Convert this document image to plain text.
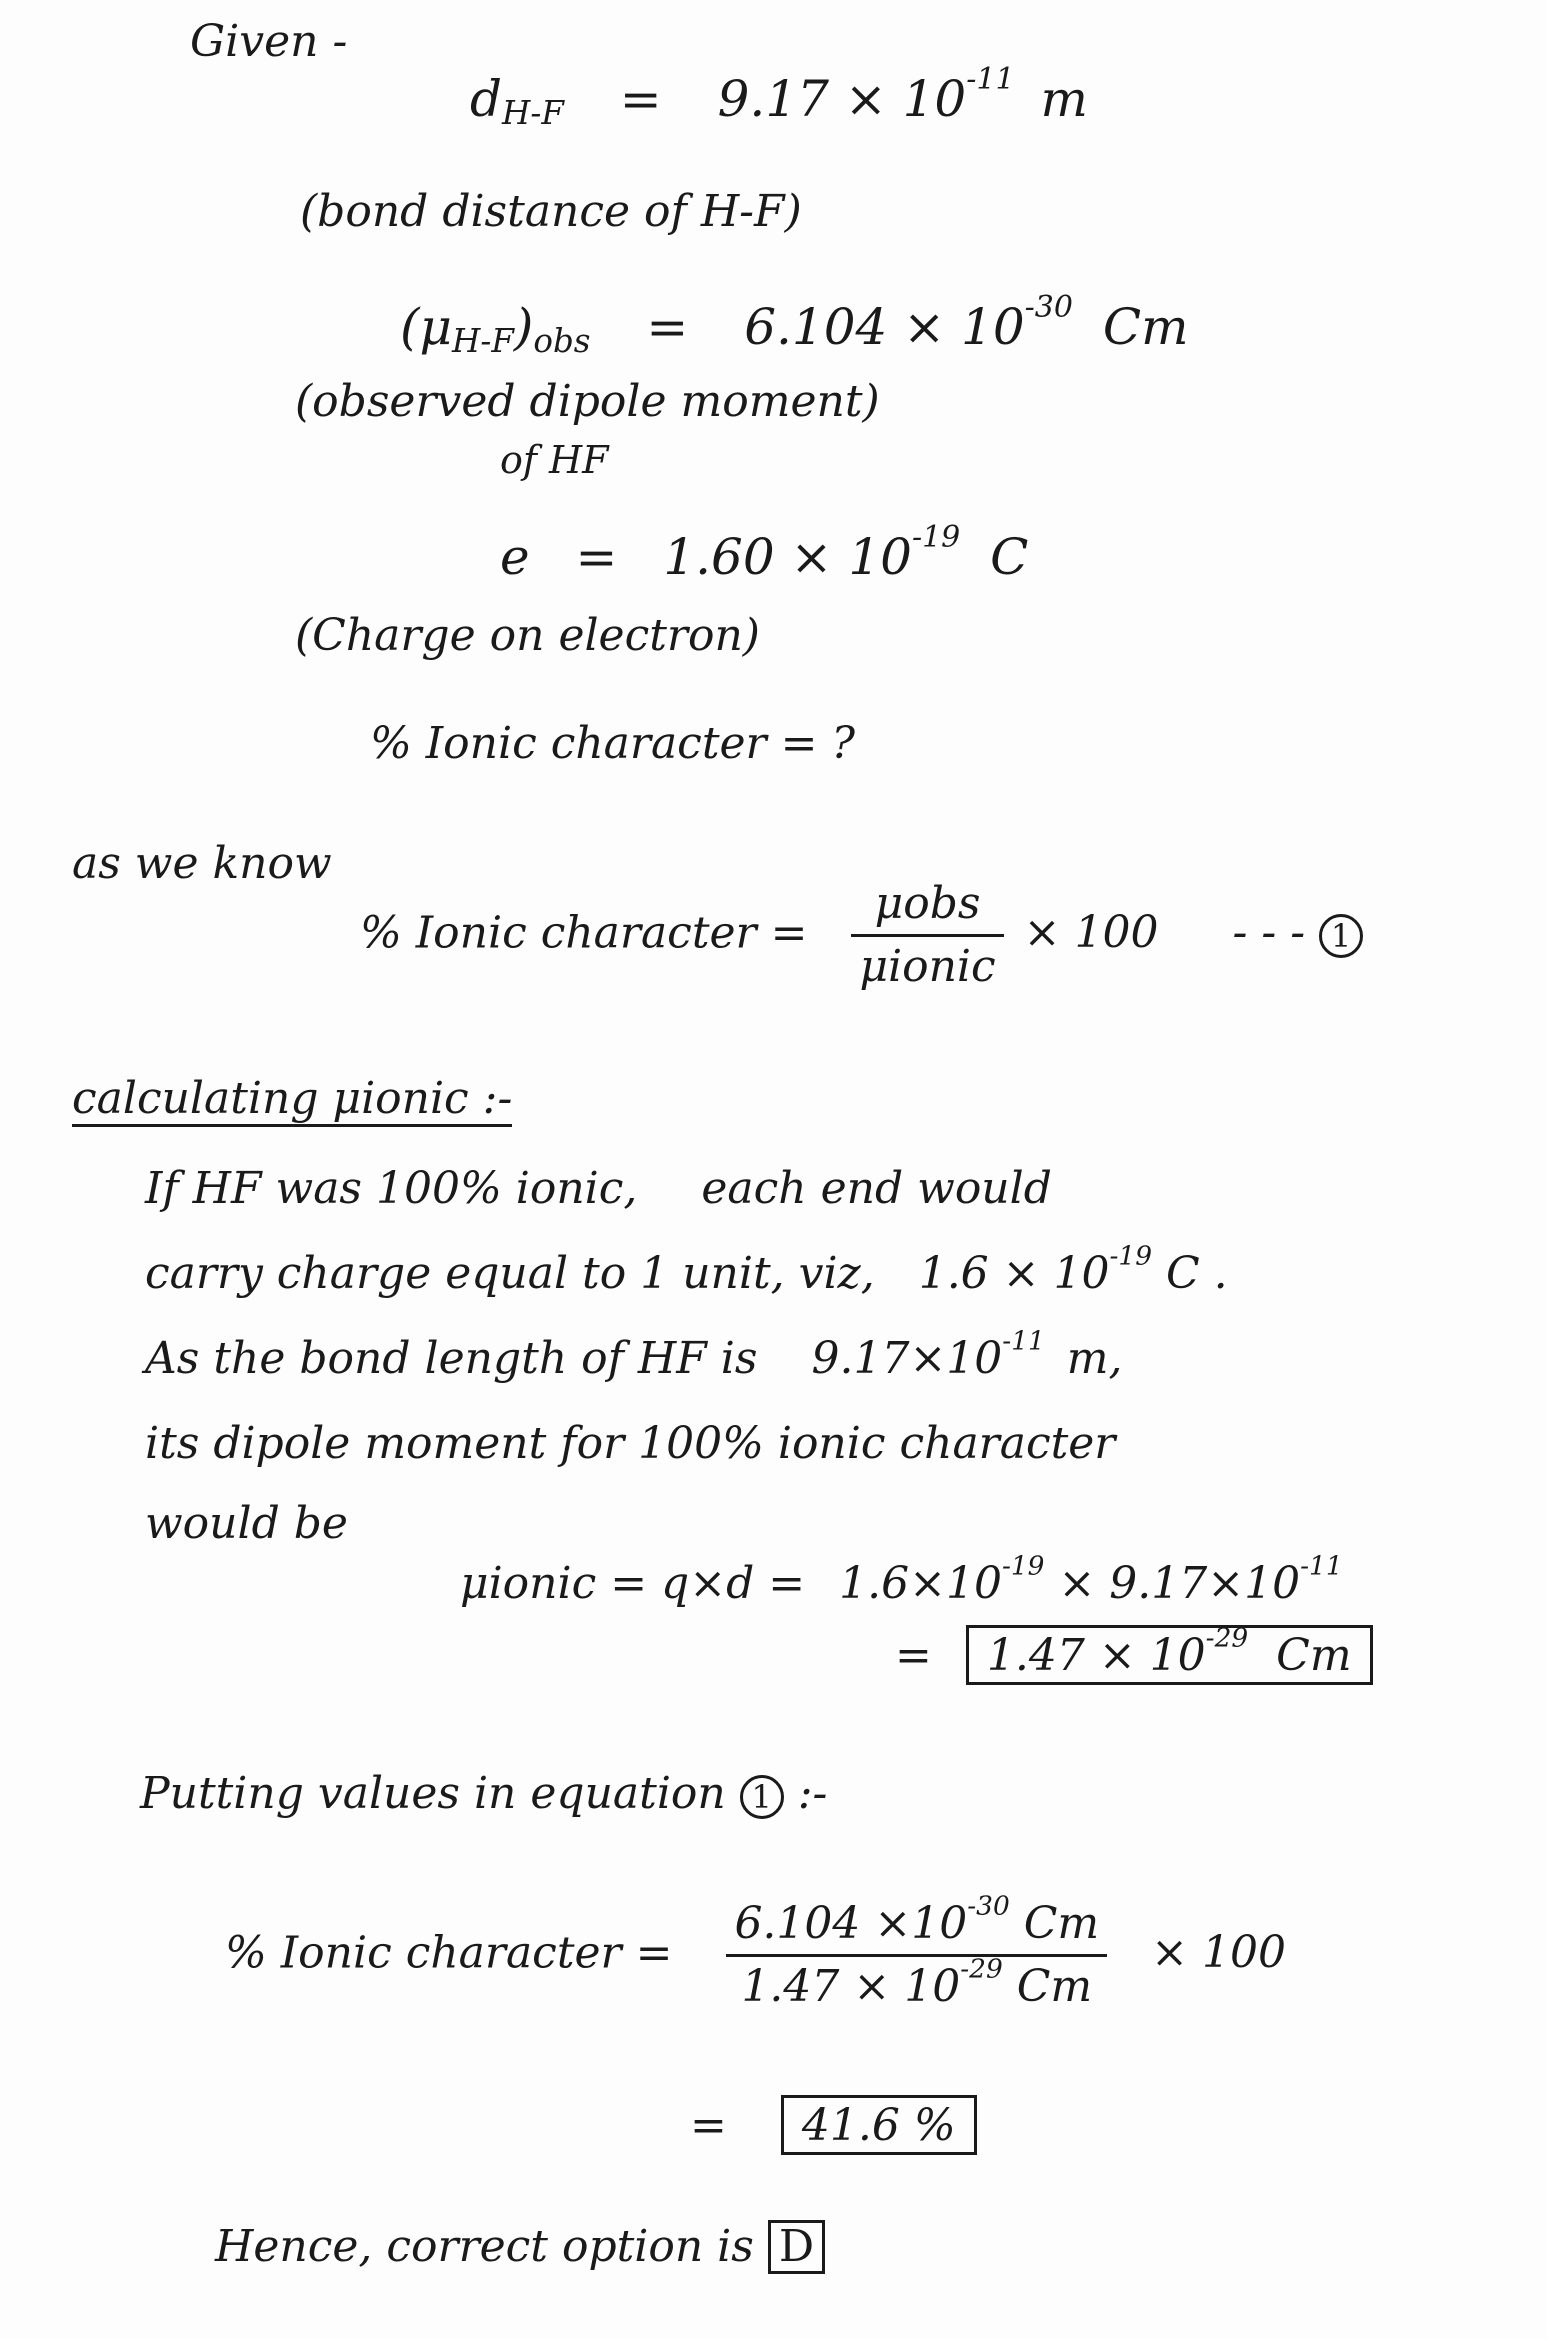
Given -
$d_{H-F} = 9.17 \times 10^{-11}$ m
(bond distance of H-F)
$(\mu_{H-F})_{obs} = 6.104 \times 10^{-30}$ Cm
(observed dipole moment)
of HF
$e = 1.60 \times 10^{-19}$ C
(Charge on electron)
% Ionic character = ?
as we know
% Ionic character = $\frac{\text{μobs}}{\text{μionic}} \times 100$ - - - 1
calculating μionic :-
If HF was 100% ionic, each end would
carry charge equal to 1 unit, viz, $1.6 \times 10^{-19}$ C .
As the bond length of HF is $9.17\times 10^{-11}$ m,
its dipole moment for 100% ionic character
would be
μionic = $q\times d = 1.6\times 10^{-19} \times 9.17\times 10^{-11}$
= $1.47 \times 10^{-29}$ Cm
Putting values in equation 1 :-
% Ionic character = $\frac{6.104 \times 10^{-30} Cm}{1.47 \times 10^{-29} Cm} \times 100$
= 41.6 %
Hence, correct option is D
